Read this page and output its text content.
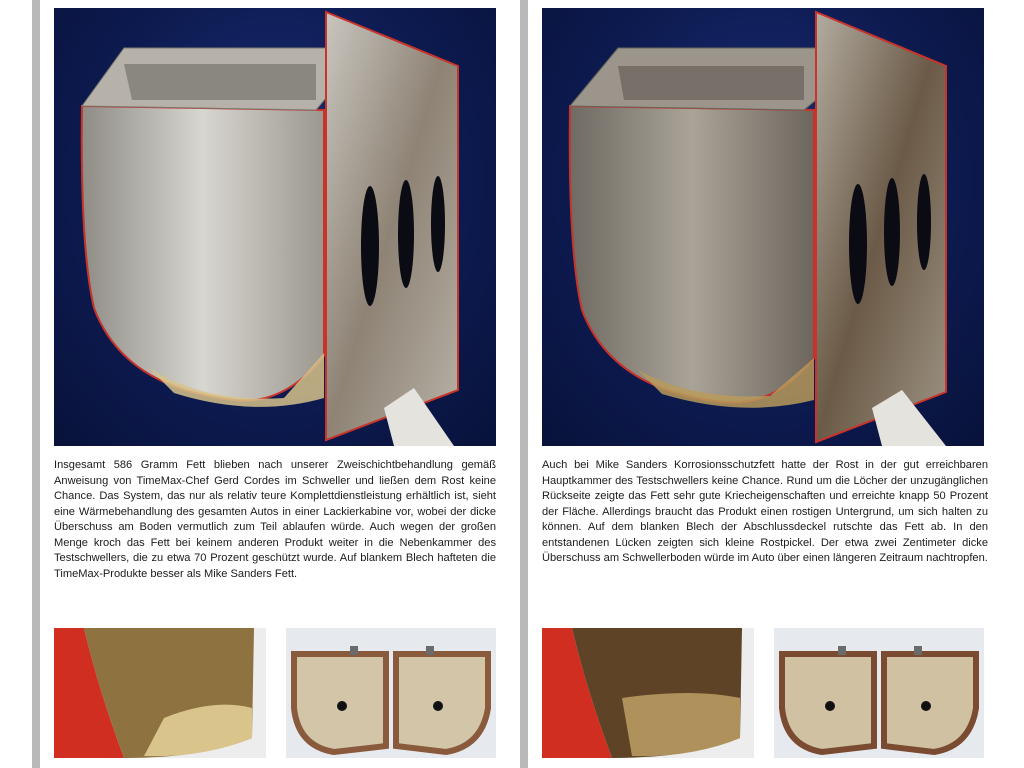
Insgesamt 586 Gramm Fett blieben nach unserer Zweischichtbehandlung gemäß Anweisung von TimeMax-Chef Gerd Cordes im Schweller und ließen dem Rost keine Chance. Das System, das nur als relativ teure Komplettdienstleistung erhältlich ist, sieht eine Wärmebehandlung des gesamten Autos in einer Lackierkabine vor, wobei der dicke Überschuss am Boden vermutlich zum Teil ablaufen würde. Auch wegen der großen Menge kroch das Fett bei keinem anderen Produkt weiter in die Nebenkammer des Testschwellers, die zu etwa 70 Prozent geschützt wurde. Auf blankem Blech hafteten die TimeMax-Produkte besser als Mike Sanders Fett.

Auch bei Mike Sanders Korrosionsschutzfett hatte der Rost in der gut erreichbaren Hauptkammer des Testschwellers keine Chance. Rund um die Löcher der unzugänglichen Rückseite zeigte das Fett sehr gute Kriecheigenschaften und erreichte knapp 50 Prozent der Fläche. Allerdings braucht das Produkt einen rostigen Untergrund, um sich halten zu können. Auf dem blanken Blech der Abschlussdeckel rutschte das Fett ab. In den entstandenen Lücken zeigten sich kleine Rostpickel. Der etwa zwei Zentimeter dicke Überschuss am Schwellerboden würde im Auto über einen längeren Zeitraum nachtropfen.
